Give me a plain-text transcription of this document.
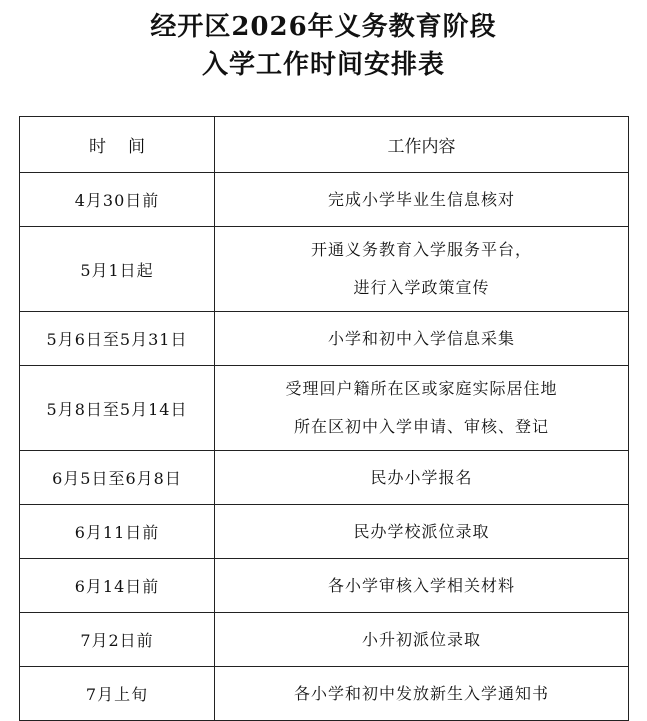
经开区2026年义务教育阶段
入学工作时间安排表
时间	工作内容
4月30日前	完成小学毕业生信息核对

5月1日起	开通义务教育入学服务平台，
进行入学政策宣传

5月6日至5月31日	小学和初中入学信息采集

5月8日至5月14日	受理回户籍所在区或家庭实际居住地
所在区初中入学申请、审核、登记

6月5日至6月8日	民办小学报名

6月11日前	民办学校派位录取

6月14日前	各小学审核入学相关材料

7月2日前	小升初派位录取

7月上旬	各小学和初中发放新生入学通知书
